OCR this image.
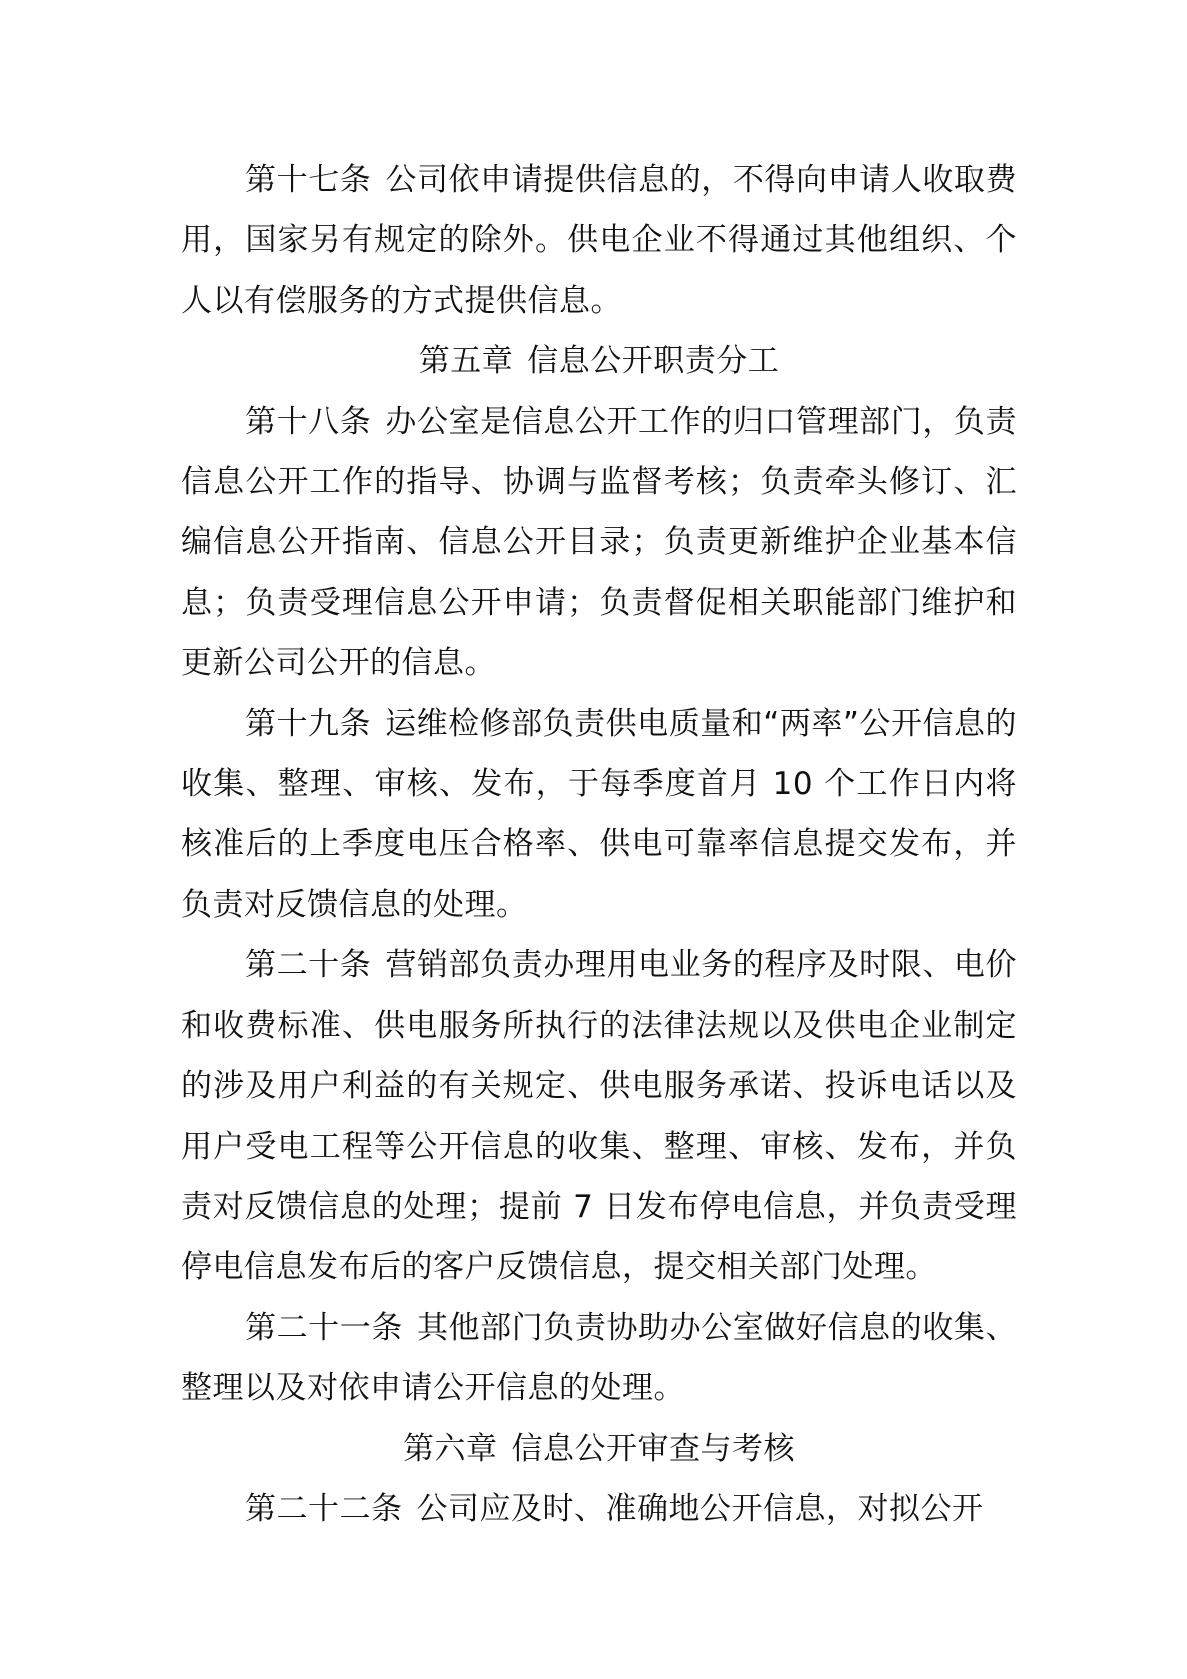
第十七条 公司依申请提供信息的，不得向申请人收取费用，国家另有规定的除外。供电企业不得通过其他组织、个人以有偿服务的方式提供信息。

第五章 信息公开职责分工

第十八条 办公室是信息公开工作的归口管理部门，负责信息公开工作的指导、协调与监督考核；负责牵头修订、汇编信息公开指南、信息公开目录；负责更新维护企业基本信息；负责受理信息公开申请；负责督促相关职能部门维护和更新公司公开的信息。

第十九条 运维检修部负责供电质量和“两率”公开信息的收集、整理、审核、发布，于每季度首月 10 个工作日内将核准后的上季度电压合格率、供电可靠率信息提交发布，并负责对反馈信息的处理。

第二十条 营销部负责办理用电业务的程序及时限、电价和收费标准、供电服务所执行的法律法规以及供电企业制定的涉及用户利益的有关规定、供电服务承诺、投诉电话以及用户受电工程等公开信息的收集、整理、审核、发布，并负责对反馈信息的处理；提前 7 日发布停电信息，并负责受理停电信息发布后的客户反馈信息，提交相关部门处理。

第二十一条 其他部门负责协助办公室做好信息的收集、整理以及对依申请公开信息的处理。

第六章 信息公开审查与考核

第二十二条 公司应及时、准确地公开信息，对拟公开
